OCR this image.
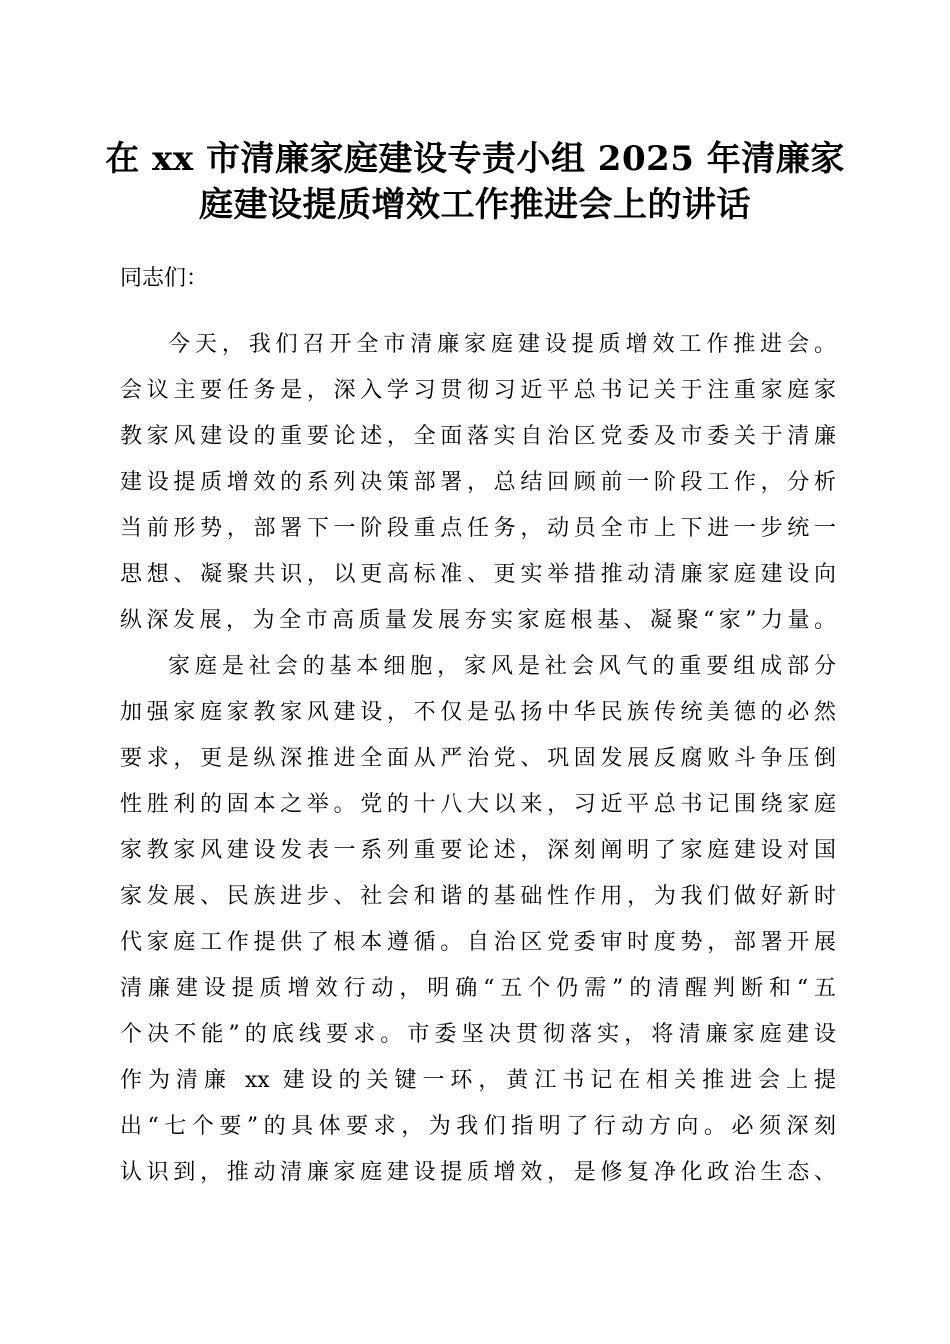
在 xx 市清廉家庭建设专责小组 2025 年清廉家
庭建设提质增效工作推进会上的讲话

同志们：

今天，我们召开全市清廉家庭建设提质增效工作推进会。
会议主要任务是，深入学习贯彻习近平总书记关于注重家庭家
教家风建设的重要论述，全面落实自治区党委及市委关于清廉
建设提质增效的系列决策部署，总结回顾前一阶段工作，分析
当前形势，部署下一阶段重点任务，动员全市上下进一步统一
思想、凝聚共识，以更高标准、更实举措推动清廉家庭建设向
纵深发展，为全市高质量发展夯实家庭根基、凝聚“家”力量。
家庭是社会的基本细胞，家风是社会风气的重要组成部分
加强家庭家教家风建设，不仅是弘扬中华民族传统美德的必然
要求，更是纵深推进全面从严治党、巩固发展反腐败斗争压倒
性胜利的固本之举。党的十八大以来，习近平总书记围绕家庭
家教家风建设发表一系列重要论述，深刻阐明了家庭建设对国
家发展、民族进步、社会和谐的基础性作用，为我们做好新时
代家庭工作提供了根本遵循。自治区党委审时度势，部署开展
清廉建设提质增效行动，明确“五个仍需”的清醒判断和“五
个决不能”的底线要求。市委坚决贯彻落实，将清廉家庭建设
作为清廉 xx 建设的关键一环，黄江书记在相关推进会上提
出“七个要”的具体要求，为我们指明了行动方向。必须深刻
认识到，推动清廉家庭建设提质增效，是修复净化政治生态、
